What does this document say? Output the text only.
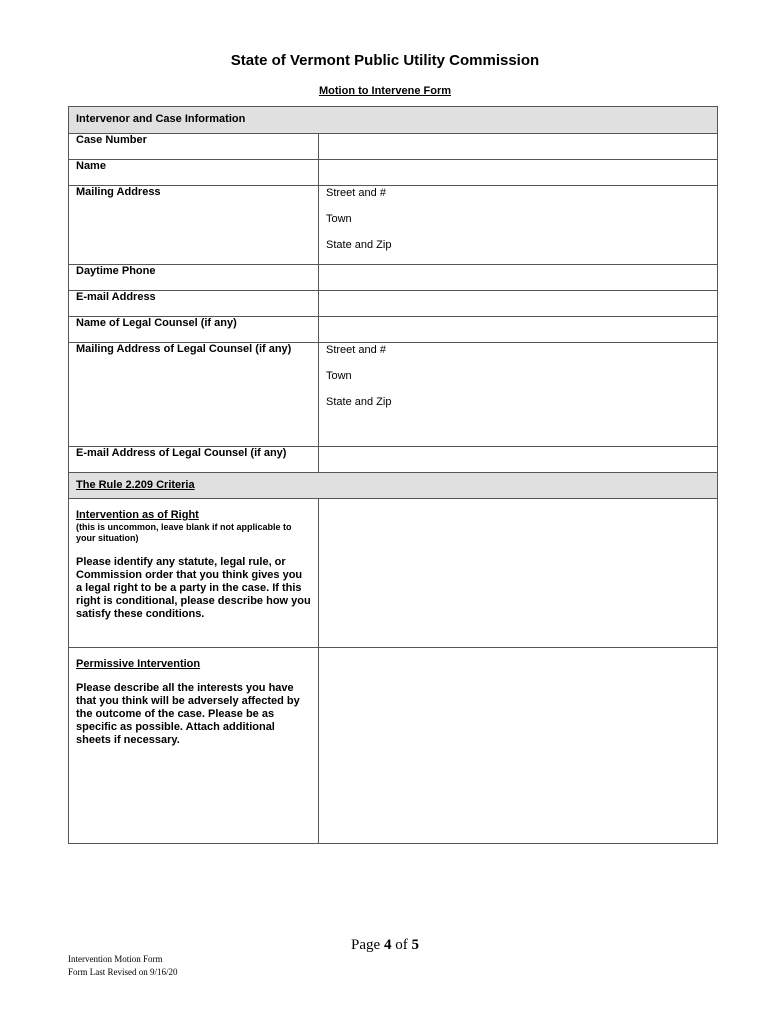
State of Vermont Public Utility Commission
Motion to Intervene Form
Intervenor and Case Information	
Case Number	
Name	
Mailing Address	Street and #
Town
State and Zip

Daytime Phone	
E-mail Address	
Name of Legal Counsel (if any)	
Mailing Address of Legal Counsel (if any)	Street and #
Town
State and Zip

E-mail Address of Legal Counsel (if any)	
The Rule 2.209 Criteria	

Intervention as of Right
(this is uncommon, leave blank if not applicable to your situation)
Please identify any statute, legal rule, or Commission order that you think gives you a legal right to be a party in the case. If this right is conditional, please describe how you satisfy these conditions.	

Permissive Intervention
Please describe all the interests you have that you think will be adversely affected by the outcome of the case. Please be as specific as possible. Attach additional sheets if necessary.	

Page 4 of 5
Intervention Motion Form
Form Last Revised on 9/16/20
